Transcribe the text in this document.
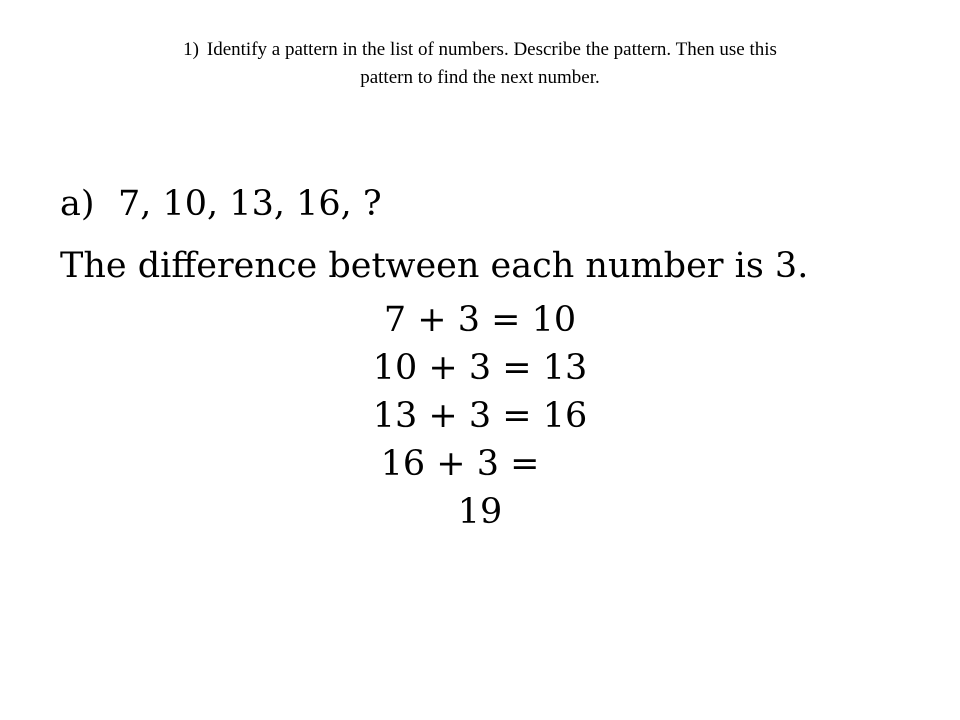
1) Identify a pattern in the list of numbers. Describe the pattern. Then use this
pattern to find the next number.
a) 7, 10, 13, 16, ?
The difference between each number is 3.
7 + 3 = 10
10 + 3 = 13
13 + 3 = 16
16 + 3 =
19
